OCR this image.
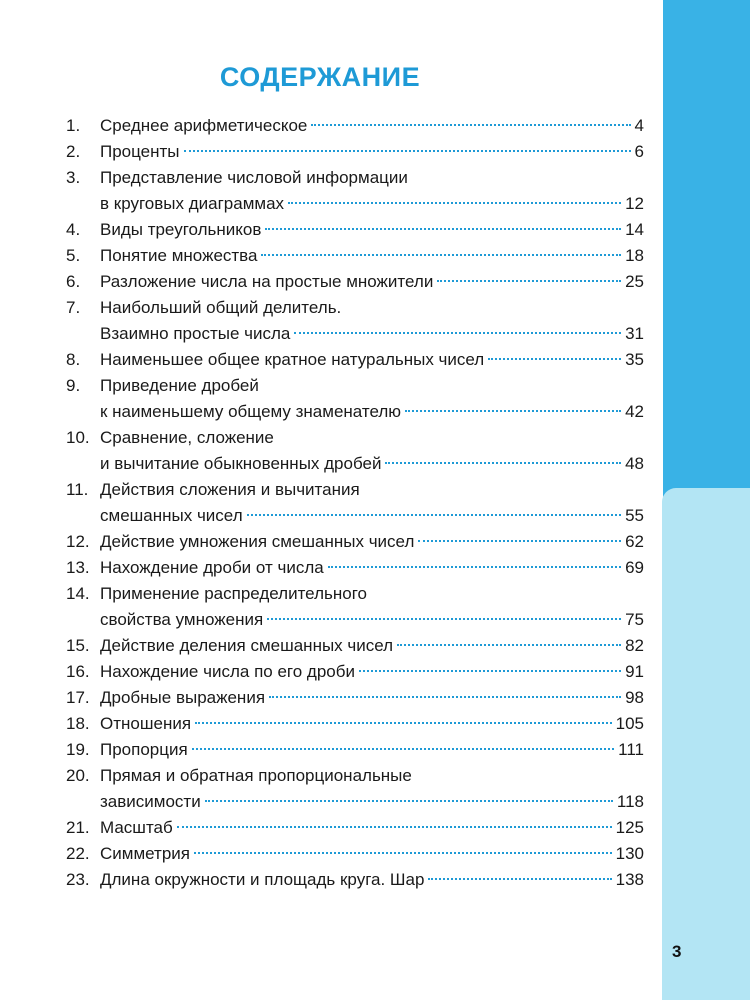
3
СОДЕРЖАНИЕ
1. Среднее арифметическое	4
2. Проценты	6
3. Представление числовой информации
в круговых диаграммах	12
4. Виды треугольников	14
5. Понятие множества	18
6. Разложение числа на простые множители	25
7. Наибольший общий делитель.
Взаимно простые числа	31
8. Наименьшее общее кратное натуральных чисел	35
9. Приведение дробей
к наименьшему общему знаменателю	42
10. Сравнение, сложение
и вычитание обыкновенных дробей	48
11. Действия сложения и вычитания
смешанных чисел	55
12. Действие умножения смешанных чисел	62
13. Нахождение дроби от числа	69
14. Применение распределительного
свойства умножения	75
15. Действие деления смешанных чисел	82
16. Нахождение числа по его дроби	91
17. Дробные выражения	98
18. Отношения	105
19. Пропорция	111
20. Прямая и обратная пропорциональные
зависимости	118
21. Масштаб	125
22. Симметрия	130
23. Длина окружности и площадь круга. Шар	138
